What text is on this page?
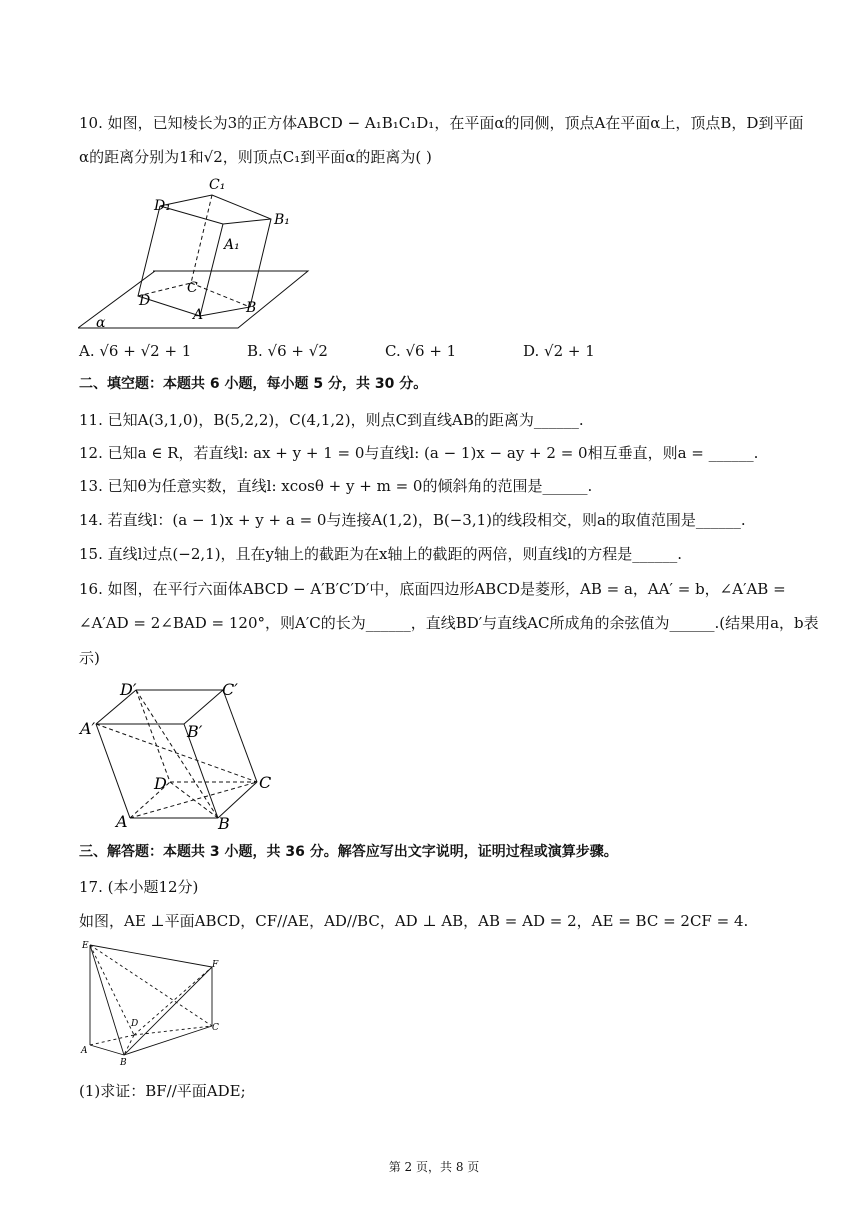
10. 如图，已知棱长为3的正方体ABCD − A₁B₁C₁D₁，在平面α的同侧，顶点A在平面α上，顶点B，D到平面
α的距离分别为1和√2，则顶点C₁到平面α的距离为( )
C₁
D₁
B₁
A₁
C
D	B
A
α
A. √6 + √2 + 1	B. √6 + √2	C. √6 + 1	D. √2 + 1
二、填空题：本题共 6 小题，每小题 5 分，共 30 分。
11. 已知A(3,1,0)，B(5,2,2)，C(4,1,2)，则点C到直线AB的距离为______.
12. 已知a ∈ R，若直线l: ax + y + 1 = 0与直线l: (a − 1)x − ay + 2 = 0相互垂直，则a = ______.
13. 已知θ为任意实数，直线l: xcosθ + y + m = 0的倾斜角的范围是______.
14. 若直线l：(a − 1)x + y + a = 0与连接A(1,2)，B(−3,1)的线段相交，则a的取值范围是______.
15. 直线l过点(−2,1)，且在y轴上的截距为在x轴上的截距的两倍，则直线l的方程是______.
16. 如图，在平行六面体ABCD − A′B′C′D′中，底面四边形ABCD是菱形，AB = a，AA′ = b，∠A′AB =
∠A′AD = 2∠BAD = 120°，则A′C的长为______，直线BD′与直线AC所成角的余弦值为______.(结果用a，b表
示)
D′	C′
A′	B′
D	C
A	B
三、解答题：本题共 3 小题，共 36 分。解答应写出文字说明，证明过程或演算步骤。
17. (本小题12分)
如图，AE ⊥平面ABCD，CF//AE，AD//BC，AD ⊥ AB，AB = AD = 2，AE = BC = 2CF = 4.
E
F
D	C
A
B
(1)求证：BF//平面ADE;
第 2 页，共 8 页
